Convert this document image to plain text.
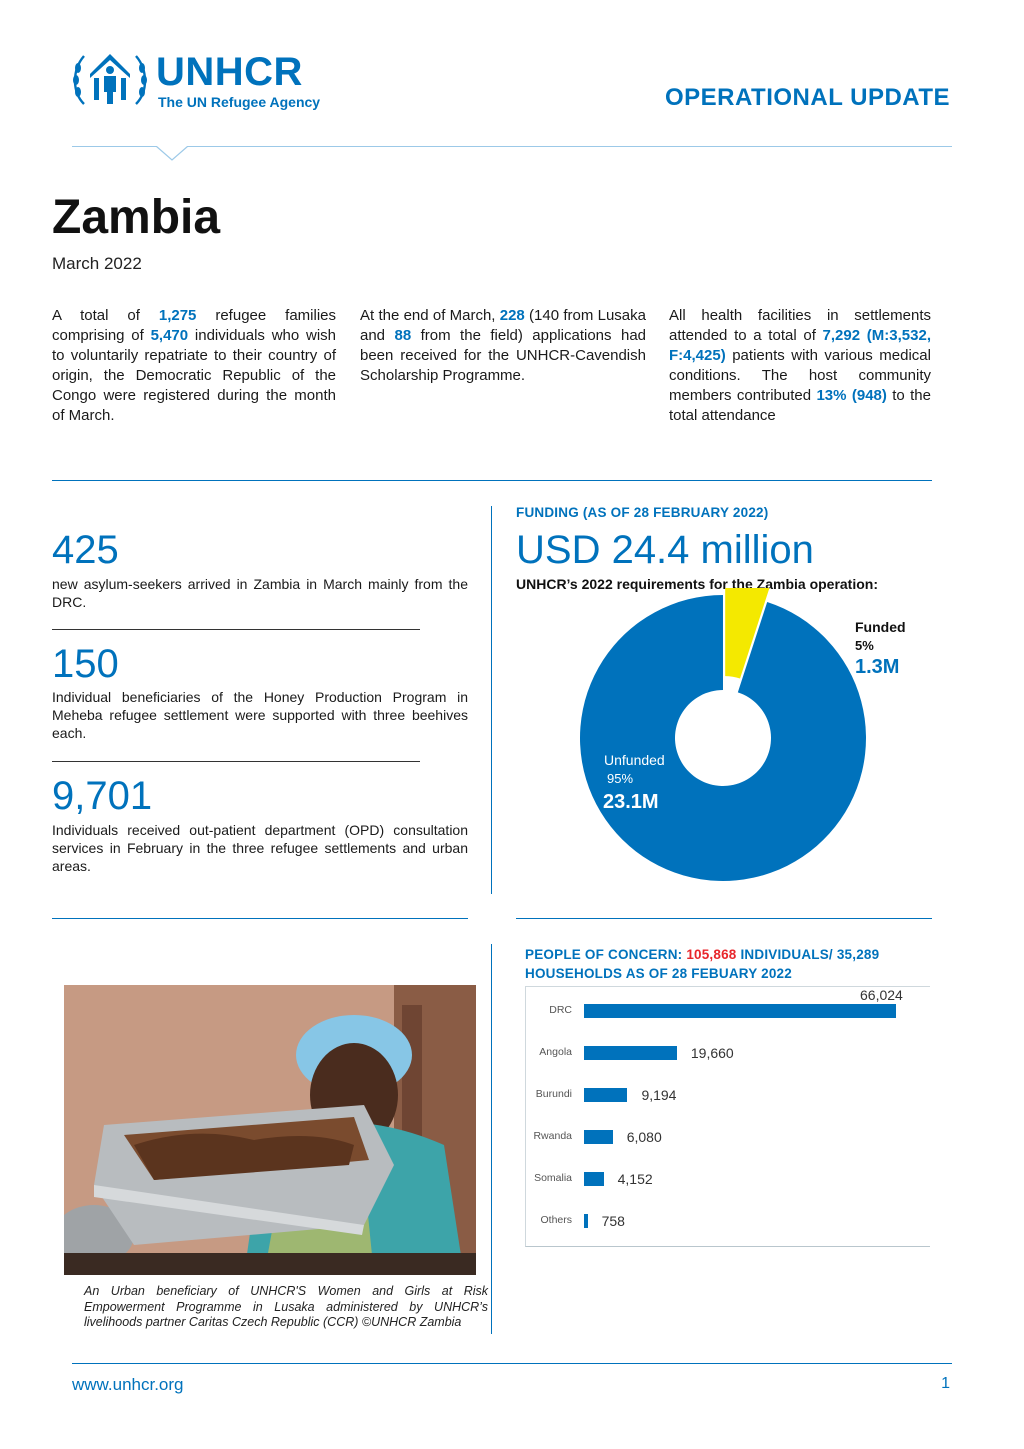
UNHCR
The UN Refugee Agency	OPERATIONAL UPDATE
Zambia
March 2022
A total of 1,275 refugee families comprising of 5,470 individuals who wish to voluntarily repatriate to their country of origin, the Democratic Republic of the Congo were registered during the month of March.
At the end of March, 228 (140 from Lusaka and 88 from the field) applications had been received for the UNHCR-Cavendish Scholarship Programme.
All health facilities in settlements attended to a total of 7,292 (M:3,532, F:4,425) patients with various medical conditions. The host community members contributed 13% (948) to the total attendance
425
new asylum-seekers arrived in Zambia in March mainly from the DRC.
150
Individual beneficiaries of the Honey Production Program in Meheba refugee settlement were supported with three beehives each.
9,701
Individuals received out-patient department (OPD) consultation services in February in the three refugee settlements and urban areas.
FUNDING (AS OF 28 FEBRUARY 2022)
USD 24.4 million
UNHCR’s 2022 requirements for the Zambia operation:
Funded
5%
1.3M
Unfunded
95%
23.1M
An Urban beneficiary of UNHCR'S Women and Girls at Risk Empowerment Programme in Lusaka administered by UNHCR’s livelihoods partner Caritas Czech Republic (CCR) ©UNHCR Zambia
PEOPLE OF CONCERN: 105,868 INDIVIDUALS/ 35,289
HOUSEHOLDS AS OF 28 FEBUARY 2022
DRC
66,024
Angola	19,660
Burundi	9,194
Rwanda	6,080
Somalia	4,152
Others 758
www.unhcr.org	1
